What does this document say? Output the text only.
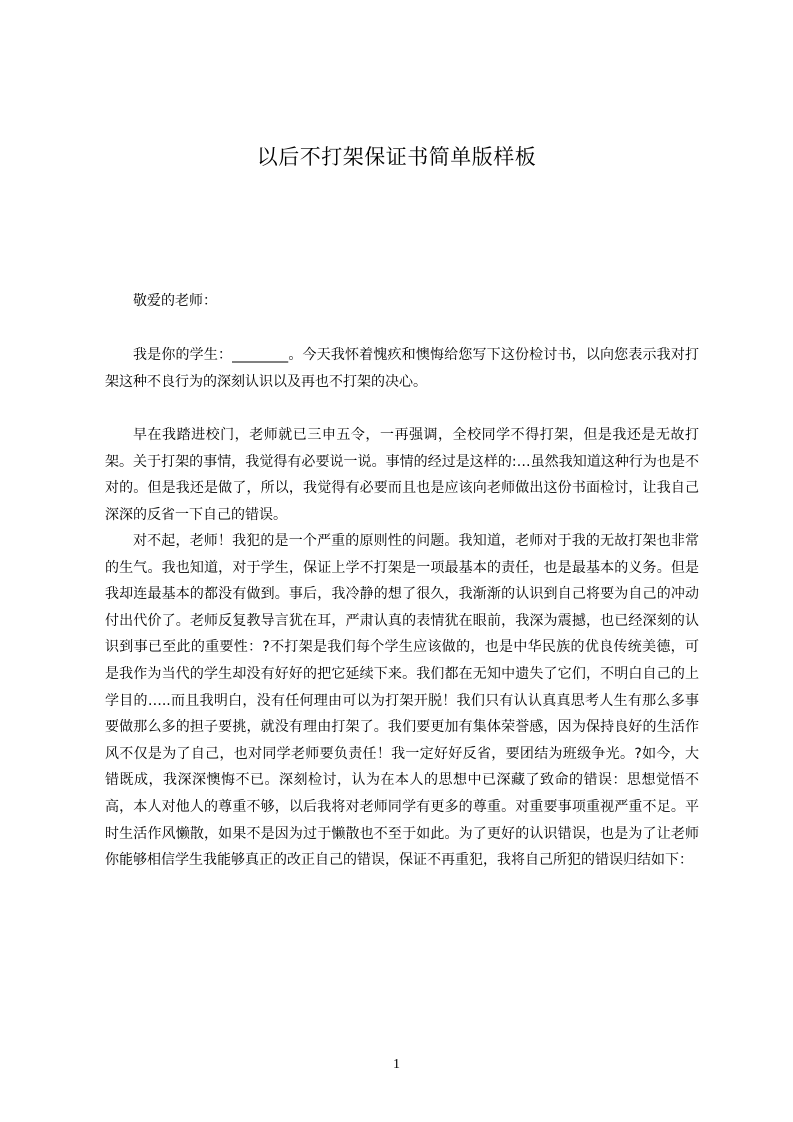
以后不打架保证书简单版样板

敬爱的老师：

我是你的学生：________。今天我怀着愧疚和懊悔给您写下这份检讨书，以向您表示我对打架这种不良行为的深刻认识以及再也不打架的决心。

早在我踏进校门，老师就已三申五令，一再强调，全校同学不得打架，但是我还是无故打架。关于打架的事情，我觉得有必要说一说。事情的经过是这样的:…虽然我知道这种行为也是不对的。但是我还是做了，所以，我觉得有必要而且也是应该向老师做出这份书面检讨，让我自己深深的反省一下自己的错误。

对不起，老师！我犯的是一个严重的原则性的问题。我知道，老师对于我的无故打架也非常的生气。我也知道，对于学生，保证上学不打架是一项最基本的责任，也是最基本的义务。但是我却连最基本的都没有做到。事后，我冷静的想了很久，我渐渐的认识到自己将要为自己的冲动付出代价了。老师反复教导言犹在耳，严肃认真的表情犹在眼前，我深为震撼，也已经深刻的认识到事已至此的重要性：?不打架是我们每个学生应该做的，也是中华民族的优良传统美德，可是我作为当代的学生却没有好好的把它延续下来。我们都在无知中遗失了它们，不明白自己的上学目的…..而且我明白，没有任何理由可以为打架开脱！我们只有认认真真思考人生有那么多事要做那么多的担子要挑，就没有理由打架了。我们要更加有集体荣誉感，因为保持良好的生活作风不仅是为了自己，也对同学老师要负责任！我一定好好反省，要团结为班级争光。?如今，大错既成，我深深懊悔不已。深刻检讨，认为在本人的思想中已深藏了致命的错误：思想觉悟不高，本人对他人的尊重不够，以后我将对老师同学有更多的尊重。对重要事项重视严重不足。平时生活作风懒散，如果不是因为过于懒散也不至于如此。为了更好的认识错误，也是为了让老师你能够相信学生我能够真正的改正自己的错误，保证不再重犯，我将自己所犯的错误归结如下：

1
